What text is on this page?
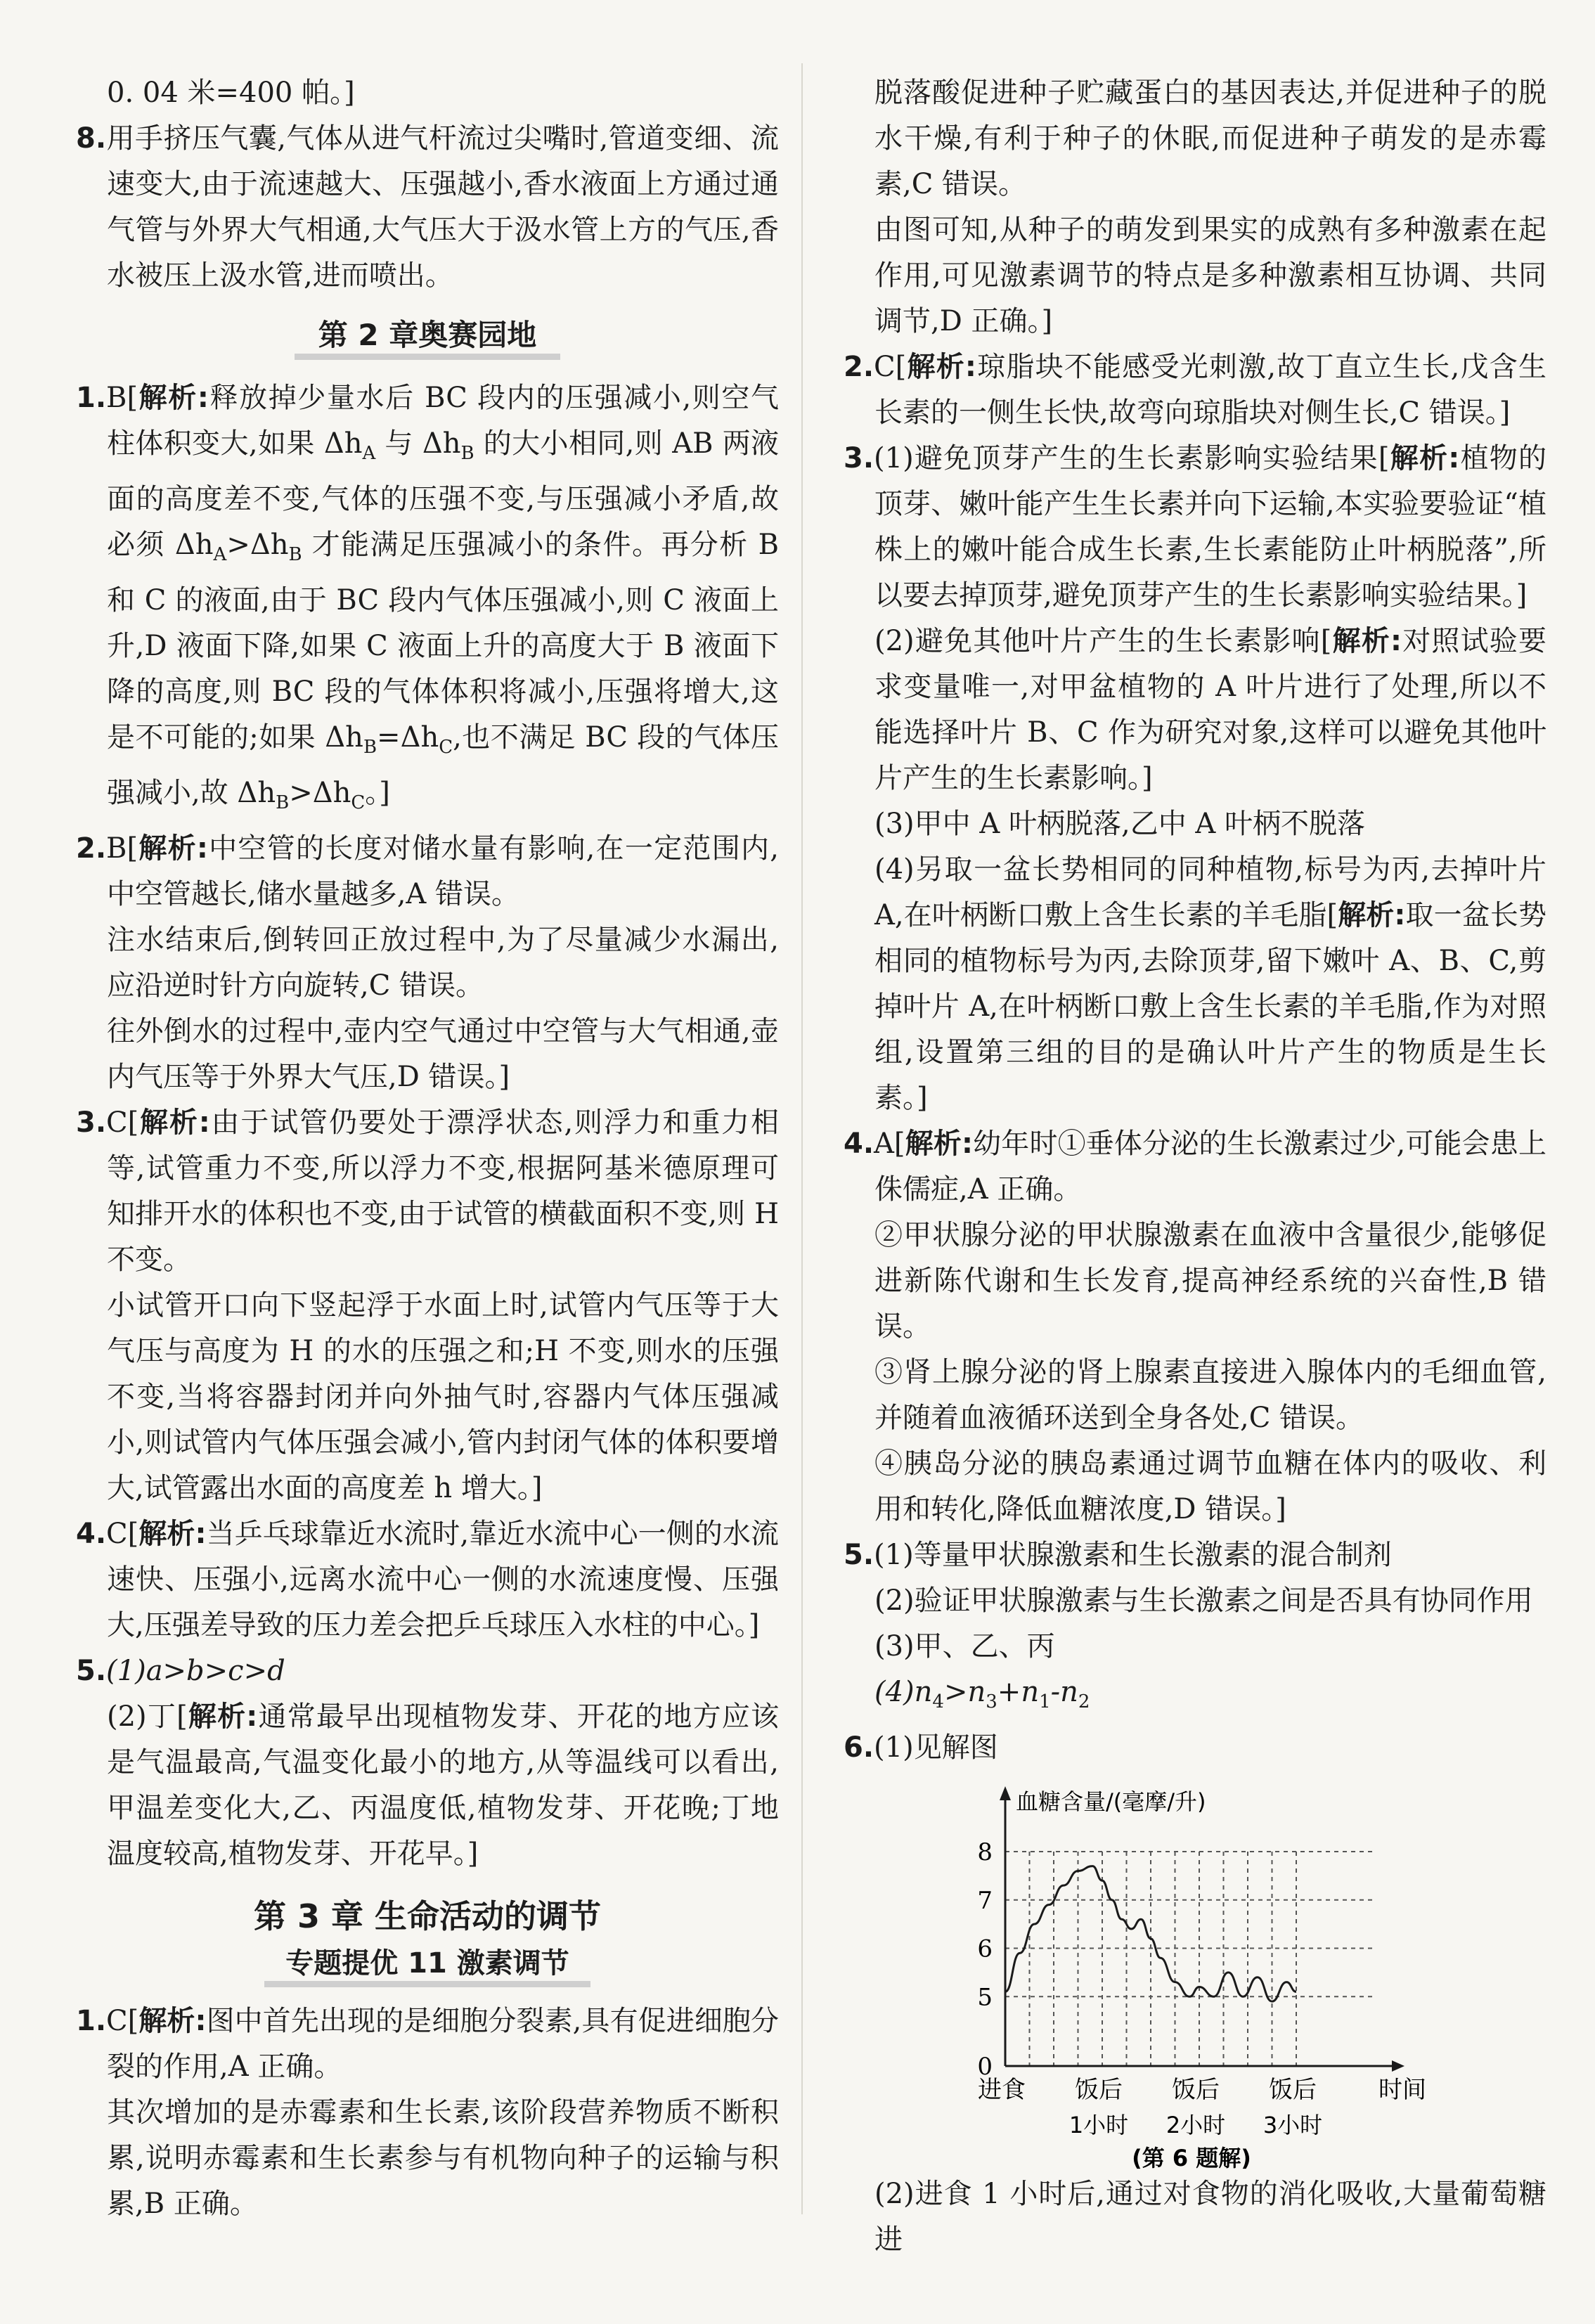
0. 04 米=400 帕。]

8.用手挤压气囊,气体从进气杆流过尖嘴时,管道变细、流速变大,由于流速越大、压强越小,香水液面上方通过通气管与外界大气相通,大气压大于汲水管上方的气压,香水被压上汲水管,进而喷出。

第 2 章奥赛园地

1.B[解析:释放掉少量水后 BC 段内的压强减小,则空气柱体积变大,如果 $\Delta h_A$ 与 $\Delta h_B$ 的大小相同,则 AB 两液面的高度差不变,气体的压强不变,与压强减小矛盾,故必须 $\Delta h_A>\Delta h_B$ 才能满足压强减小的条件。再分析 B 和 C 的液面,由于 BC 段内气体压强减小,则 C 液面上升,D 液面下降,如果 C 液面上升的高度大于 B 液面下降的高度,则 BC 段的气体体积将减小,压强将增大,这是不可能的;如果 $\Delta h_B=\Delta h_C$,也不满足 BC 段的气体压强减小,故 $\Delta h_B>\Delta h_C$。]

2.B[解析:中空管的长度对储水量有影响,在一定范围内,中空管越长,储水量越多,A 错误。

注水结束后,倒转回正放过程中,为了尽量减少水漏出,应沿逆时针方向旋转,C 错误。

往外倒水的过程中,壶内空气通过中空管与大气相通,壶内气压等于外界大气压,D 错误。]

3.C[解析:由于试管仍要处于漂浮状态,则浮力和重力相等,试管重力不变,所以浮力不变,根据阿基米德原理可知排开水的体积也不变,由于试管的横截面积不变,则 H 不变。

小试管开口向下竖起浮于水面上时,试管内气压等于大气压与高度为 H 的水的压强之和;H 不变,则水的压强不变,当将容器封闭并向外抽气时,容器内气体压强减小,则试管内气体压强会减小,管内封闭气体的体积要增大,试管露出水面的高度差 h 增大。]

4.C[解析:当乒乓球靠近水流时,靠近水流中心一侧的水流速快、压强小,远离水流中心一侧的水流速度慢、压强大,压强差导致的压力差会把乒乓球压入水柱的中心。]

5.(1)a>b>c>d

(2)丁[解析:通常最早出现植物发芽、开花的地方应该是气温最高,气温变化最小的地方,从等温线可以看出,甲温差变化大,乙、丙温度低,植物发芽、开花晚;丁地温度较高,植物发芽、开花早。]

第 3 章 生命活动的调节
专题提优 11 激素调节

1.C[解析:图中首先出现的是细胞分裂素,具有促进细胞分裂的作用,A 正确。

其次增加的是赤霉素和生长素,该阶段营养物质不断积累,说明赤霉素和生长素参与有机物向种子的运输与积累,B 正确。

脱落酸促进种子贮藏蛋白的基因表达,并促进种子的脱水干燥,有利于种子的休眠,而促进种子萌发的是赤霉素,C 错误。

由图可知,从种子的萌发到果实的成熟有多种激素在起作用,可见激素调节的特点是多种激素相互协调、共同调节,D 正确。]

2.C[解析:琼脂块不能感受光刺激,故丁直立生长,戊含生长素的一侧生长快,故弯向琼脂块对侧生长,C 错误。]

3.(1)避免顶芽产生的生长素影响实验结果[解析:植物的顶芽、嫩叶能产生生长素并向下运输,本实验要验证“植株上的嫩叶能合成生长素,生长素能防止叶柄脱落”,所以要去掉顶芽,避免顶芽产生的生长素影响实验结果。]

(2)避免其他叶片产生的生长素影响[解析:对照试验要求变量唯一,对甲盆植物的 A 叶片进行了处理,所以不能选择叶片 B、C 作为研究对象,这样可以避免其他叶片产生的生长素影响。]

(3)甲中 A 叶柄脱落,乙中 A 叶柄不脱落

(4)另取一盆长势相同的同种植物,标号为丙,去掉叶片 A,在叶柄断口敷上含生长素的羊毛脂[解析:取一盆长势相同的植物标号为丙,去除顶芽,留下嫩叶 A、B、C,剪掉叶片 A,在叶柄断口敷上含生长素的羊毛脂,作为对照组,设置第三组的目的是确认叶片产生的物质是生长素。]

4.A[解析:幼年时①垂体分泌的生长激素过少,可能会患上侏儒症,A 正确。

②甲状腺分泌的甲状腺激素在血液中含量很少,能够促进新陈代谢和生长发育,提高神经系统的兴奋性,B 错误。

③肾上腺分泌的肾上腺素直接进入腺体内的毛细血管,并随着血液循环送到全身各处,C 错误。

④胰岛分泌的胰岛素通过调节血糖在体内的吸收、利用和转化,降低血糖浓度,D 错误。]

5.(1)等量甲状腺激素和生长激素的混合制剂

(2)验证甲状腺激素与生长激素之间是否具有协同作用

(3)甲、乙、丙

$(4)n_4>n_3+n_1-n_2$

6.(1)见解图

血糖含量/(毫摩/升)
0
5
6
7
8
进食 饭后 饭后 饭后	时间
1小时 2小时 3小时
(第 6 题解)

(2)进食 1 小时后,通过对食物的消化吸收,大量葡萄糖进
